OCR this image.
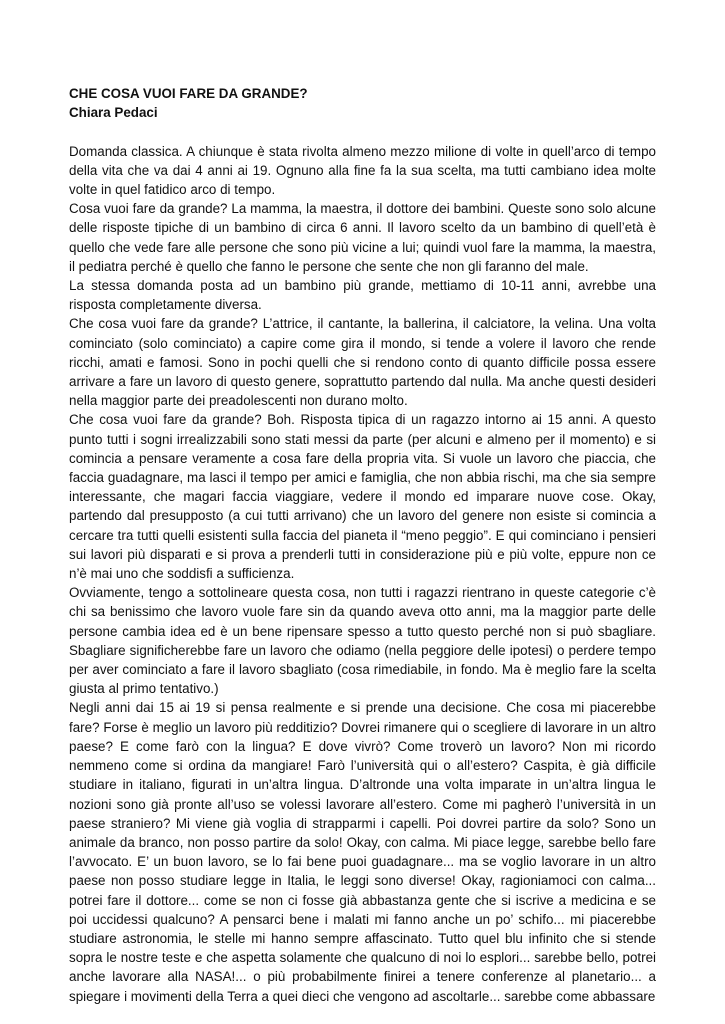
CHE COSA VUOI FARE DA GRANDE?

Chiara Pedaci

Domanda classica. A chiunque è stata rivolta almeno mezzo milione di volte in quell’arco di tempo della vita che va dai 4 anni ai 19. Ognuno alla fine fa la sua scelta, ma tutti cambiano idea molte volte in quel fatidico arco di tempo.

Cosa vuoi fare da grande? La mamma, la maestra, il dottore dei bambini. Queste sono solo alcune delle risposte tipiche di un bambino di circa 6 anni. Il lavoro scelto da un bambino di quell’età è quello che vede fare alle persone che sono più vicine a lui; quindi vuol fare la mamma, la maestra, il pediatra perché è quello che fanno le persone che sente che non gli faranno del male.

La stessa domanda posta ad un bambino più grande, mettiamo di 10-11 anni, avrebbe una risposta completamente diversa.

Che cosa vuoi fare da grande? L’attrice, il cantante, la ballerina, il calciatore, la velina. Una volta cominciato (solo cominciato) a capire come gira il mondo, si tende a volere il lavoro che rende ricchi, amati e famosi. Sono in pochi quelli che si rendono conto di quanto difficile possa essere arrivare a fare un lavoro di questo genere, soprattutto partendo dal nulla. Ma anche questi desideri nella maggior parte dei preadolescenti non durano molto.

Che cosa vuoi fare da grande? Boh. Risposta tipica di un ragazzo intorno ai 15 anni. A questo punto tutti i sogni irrealizzabili sono stati messi da parte (per alcuni e almeno per il momento) e si comincia a pensare veramente a cosa fare della propria vita. Si vuole un lavoro che piaccia, che faccia guadagnare, ma lasci il tempo per amici e famiglia, che non abbia rischi, ma che sia sempre interessante, che magari faccia viaggiare, vedere il mondo ed imparare nuove cose. Okay, partendo dal presupposto (a cui tutti arrivano) che un lavoro del genere non esiste si comincia a cercare tra tutti quelli esistenti sulla faccia del pianeta il “meno peggio”. E qui cominciano i pensieri sui lavori più disparati e si prova a prenderli tutti in considerazione più e più volte, eppure non ce n’è mai uno che soddisfi a sufficienza.

Ovviamente, tengo a sottolineare questa cosa, non tutti i ragazzi rientrano in queste categorie c’è chi sa benissimo che lavoro vuole fare sin da quando aveva otto anni, ma la maggior parte delle persone cambia idea ed è un bene ripensare spesso a tutto questo perché non si può sbagliare. Sbagliare significherebbe fare un lavoro che odiamo (nella peggiore delle ipotesi) o perdere tempo per aver cominciato a fare il lavoro sbagliato (cosa rimediabile, in fondo. Ma è meglio fare la scelta giusta al primo tentativo.)

Negli anni dai 15 ai 19 si pensa realmente e si prende una decisione. Che cosa mi piacerebbe fare? Forse è meglio un lavoro più redditizio? Dovrei rimanere qui o scegliere di lavorare in un altro paese? E come farò con la lingua? E dove vivrò? Come troverò un lavoro? Non mi ricordo nemmeno come si ordina da mangiare! Farò l’università qui o all’estero? Caspita, è già difficile studiare in italiano, figurati in un’altra lingua. D’altronde una volta imparate in un’altra lingua le nozioni sono già pronte all’uso se volessi lavorare all’estero. Come mi pagherò l’università in un paese straniero? Mi viene già voglia di strapparmi i capelli. Poi dovrei partire da solo? Sono un animale da branco, non posso partire da solo! Okay, con calma. Mi piace legge, sarebbe bello fare l’avvocato. E’ un buon lavoro, se lo fai bene puoi guadagnare... ma se voglio lavorare in un altro paese non posso studiare legge in Italia, le leggi sono diverse! Okay, ragioniamoci con calma... potrei fare il dottore... come se non ci fosse già abbastanza gente che si iscrive a medicina e se poi uccidessi qualcuno? A pensarci bene i malati mi fanno anche un po’ schifo... mi piacerebbe studiare astronomia, le stelle mi hanno sempre affascinato. Tutto quel blu infinito che si stende sopra le nostre teste e che aspetta solamente che qualcuno di noi lo esplori... sarebbe bello, potrei anche lavorare alla NASA!... o più probabilmente finirei a tenere conferenze al planetario... a spiegare i movimenti della Terra a quei dieci che vengono ad ascoltarle... sarebbe come abbassare
